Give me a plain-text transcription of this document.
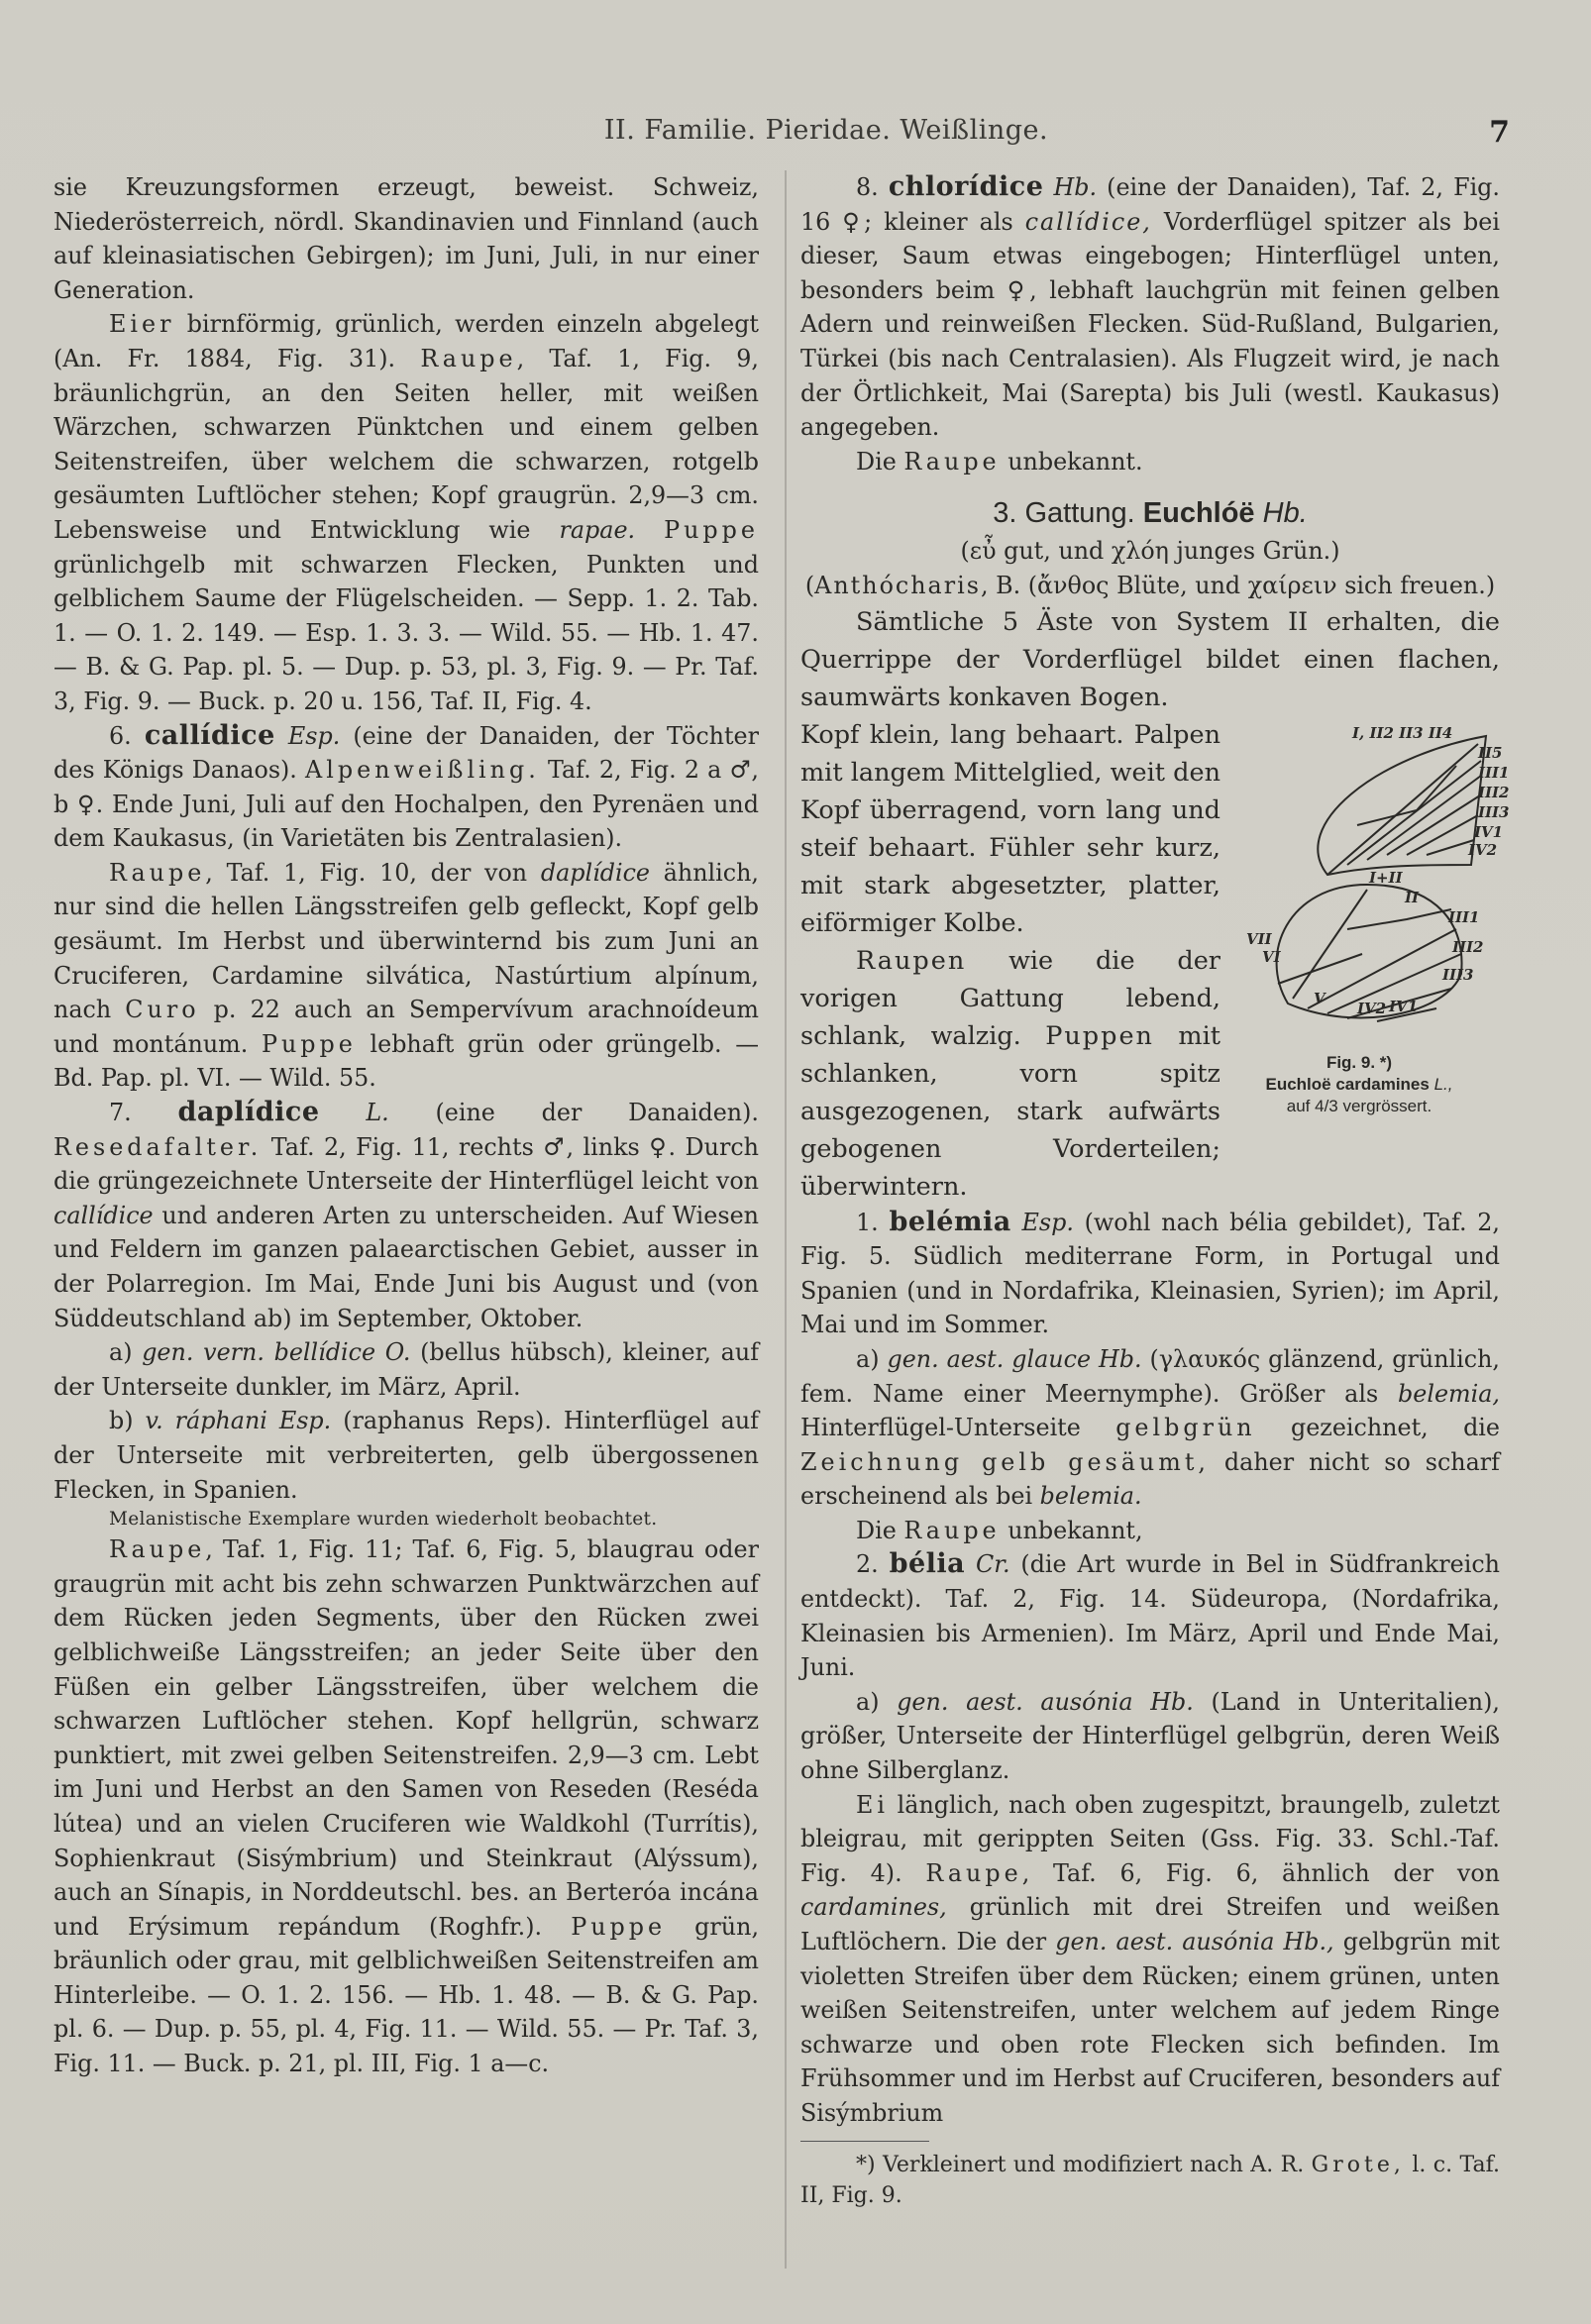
II. Familie. Pieridae. Weißlinge.	7

sie Kreuzungsformen erzeugt, beweist. Schweiz, Niederösterreich, nördl. Skandinavien und Finnland (auch auf kleinasiatischen Gebirgen); im Juni, Juli, in nur einer Generation.

Eier birnförmig, grünlich, werden einzeln abgelegt (An. Fr. 1884, Fig. 31). Raupe, Taf. 1, Fig. 9, bräunlichgrün, an den Seiten heller, mit weißen Wärzchen, schwarzen Pünktchen und einem gelben Seitenstreifen, über welchem die schwarzen, rotgelb gesäumten Luftlöcher stehen; Kopf graugrün. 2,9—3 cm. Lebensweise und Entwicklung wie rapae. Puppe grünlichgelb mit schwarzen Flecken, Punkten und gelblichem Saume der Flügelscheiden. — Sepp. 1. 2. Tab. 1. — O. 1. 2. 149. — Esp. 1. 3. 3. — Wild. 55. — Hb. 1. 47. — B. & G. Pap. pl. 5. — Dup. p. 53, pl. 3, Fig. 9. — Pr. Taf. 3, Fig. 9. — Buck. p. 20 u. 156, Taf. II, Fig. 4.

6. callídice Esp. (eine der Danaiden, der Töchter des Königs Danaos). Alpenweißling. Taf. 2, Fig. 2 a ♂, b ♀. Ende Juni, Juli auf den Hochalpen, den Pyrenäen und dem Kaukasus, (in Varietäten bis Zentralasien).

Raupe, Taf. 1, Fig. 10, der von daplídice ähnlich, nur sind die hellen Längsstreifen gelb gefleckt, Kopf gelb gesäumt. Im Herbst und überwinternd bis zum Juni an Cruciferen, Cardamine silvática, Nastúrtium alpínum, nach Curo p. 22 auch an Sempervívum arachnoídeum und montánum. Puppe lebhaft grün oder grüngelb. — Bd. Pap. pl. VI. — Wild. 55.

7. daplídice L. (eine der Danaiden). Resedafalter. Taf. 2, Fig. 11, rechts ♂, links ♀. Durch die grüngezeichnete Unterseite der Hinterflügel leicht von callídice und anderen Arten zu unterscheiden. Auf Wiesen und Feldern im ganzen palaearctischen Gebiet, ausser in der Polarregion. Im Mai, Ende Juni bis August und (von Süddeutschland ab) im September, Oktober.

a) gen. vern. bellídice O. (bellus hübsch), kleiner, auf der Unterseite dunkler, im März, April.

b) v. ráphani Esp. (raphanus Reps). Hinterflügel auf der Unterseite mit verbreiterten, gelb übergossenen Flecken, in Spanien.

Melanistische Exemplare wurden wiederholt beobachtet.

Raupe, Taf. 1, Fig. 11; Taf. 6, Fig. 5, blaugrau oder graugrün mit acht bis zehn schwarzen Punktwärzchen auf dem Rücken jeden Segments, über den Rücken zwei gelblichweiße Längsstreifen; an jeder Seite über den Füßen ein gelber Längsstreifen, über welchem die schwarzen Luftlöcher stehen. Kopf hellgrün, schwarz punktiert, mit zwei gelben Seitenstreifen. 2,9—3 cm. Lebt im Juni und Herbst an den Samen von Reseden (Reséda lútea) und an vielen Cruciferen wie Waldkohl (Turrítis), Sophienkraut (Sisýmbrium) und Steinkraut (Alýssum), auch an Sínapis, in Norddeutschl. bes. an Berteróa incána und Erýsimum repándum (Roghfr.). Puppe grün, bräunlich oder grau, mit gelblichweißen Seitenstreifen am Hinterleibe. — O. 1. 2. 156. — Hb. 1. 48. — B. & G. Pap. pl. 6. — Dup. p. 55, pl. 4, Fig. 11. — Wild. 55. — Pr. Taf. 3, Fig. 11. — Buck. p. 21, pl. III, Fig. 1 a—c.

8. chlorídice Hb. (eine der Danaiden), Taf. 2, Fig. 16 ♀; kleiner als callídice, Vorderflügel spitzer als bei dieser, Saum etwas eingebogen; Hinterflügel unten, besonders beim ♀, lebhaft lauchgrün mit feinen gelben Adern und reinweißen Flecken. Süd-Rußland, Bulgarien, Türkei (bis nach Centralasien). Als Flugzeit wird, je nach der Örtlichkeit, Mai (Sarepta) bis Juli (westl. Kaukasus) angegeben.

Die Raupe unbekannt.

3. Gattung. Euchlóë Hb.
(εὖ gut, und χλόη junges Grün.)
(Anthócharis, B. (ἄνθος Blüte, und χαίρειν sich freuen.)

Sämtliche 5 Äste von System II erhalten, die Querrippe der Vorderflügel bildet einen flachen, saumwärts konkaven Bogen.

I, II2 II3 II4
II5
III1
III2
III3
IV1
IV2
I+II
II
III1
III2
III3
IV1
IV2
V
VI
VII
Fig. 9. *)
Euchloë cardamines L.,
auf 4/3 vergrössert.

Kopf klein, lang behaart. Palpen mit langem Mittelglied, weit den Kopf überragend, vorn lang und steif behaart. Fühler sehr kurz, mit stark abgesetzter, platter, eiförmiger Kolbe.

Raupen wie die der vorigen Gattung lebend, schlank, walzig. Puppen mit schlanken, vorn spitz ausgezogenen, stark aufwärts gebogenen Vorderteilen; überwintern.

1. belémia Esp. (wohl nach bélia gebildet), Taf. 2, Fig. 5. Südlich mediterrane Form, in Portugal und Spanien (und in Nordafrika, Kleinasien, Syrien); im April, Mai und im Sommer.

a) gen. aest. glauce Hb. (γλαυκός glänzend, grünlich, fem. Name einer Meernymphe). Größer als belemia, Hinterflügel-Unterseite gelbgrün gezeichnet, die Zeichnung gelb gesäumt, daher nicht so scharf erscheinend als bei belemia.

Die Raupe unbekannt,

2. bélia Cr. (die Art wurde in Bel in Südfrankreich entdeckt). Taf. 2, Fig. 14. Südeuropa, (Nordafrika, Kleinasien bis Armenien). Im März, April und Ende Mai, Juni.

a) gen. aest. ausónia Hb. (Land in Unteritalien), größer, Unterseite der Hinterflügel gelbgrün, deren Weiß ohne Silberglanz.

Ei länglich, nach oben zugespitzt, braungelb, zuletzt bleigrau, mit gerippten Seiten (Gss. Fig. 33. Schl.-Taf. Fig. 4). Raupe, Taf. 6, Fig. 6, ähnlich der von cardamines, grünlich mit drei Streifen und weißen Luftlöchern. Die der gen. aest. ausónia Hb., gelbgrün mit violetten Streifen über dem Rücken; einem grünen, unten weißen Seitenstreifen, unter welchem auf jedem Ringe schwarze und oben rote Flecken sich befinden. Im Frühsommer und im Herbst auf Cruciferen, besonders auf Sisýmbrium

*) Verkleinert und modifiziert nach A. R. Grote, l. c. Taf. II, Fig. 9.
